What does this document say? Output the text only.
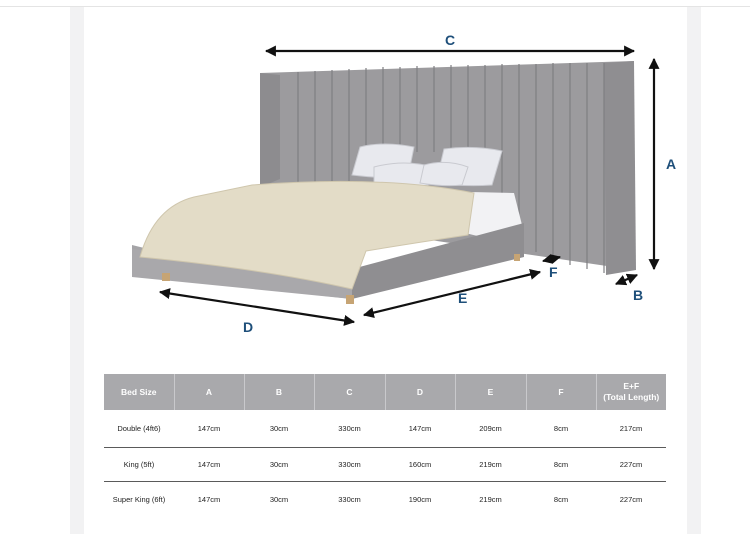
C
A
D
E
F
B
Bed Size	A	B	C	D	E	F	E+F
(Total Length)
Double (4ft6)	147cm	30cm	330cm	147cm	209cm	8cm	217cm
King (5ft)	147cm	30cm	330cm	160cm	219cm	8cm	227cm
Super King (6ft)	147cm	30cm	330cm	190cm	219cm	8cm	227cm
